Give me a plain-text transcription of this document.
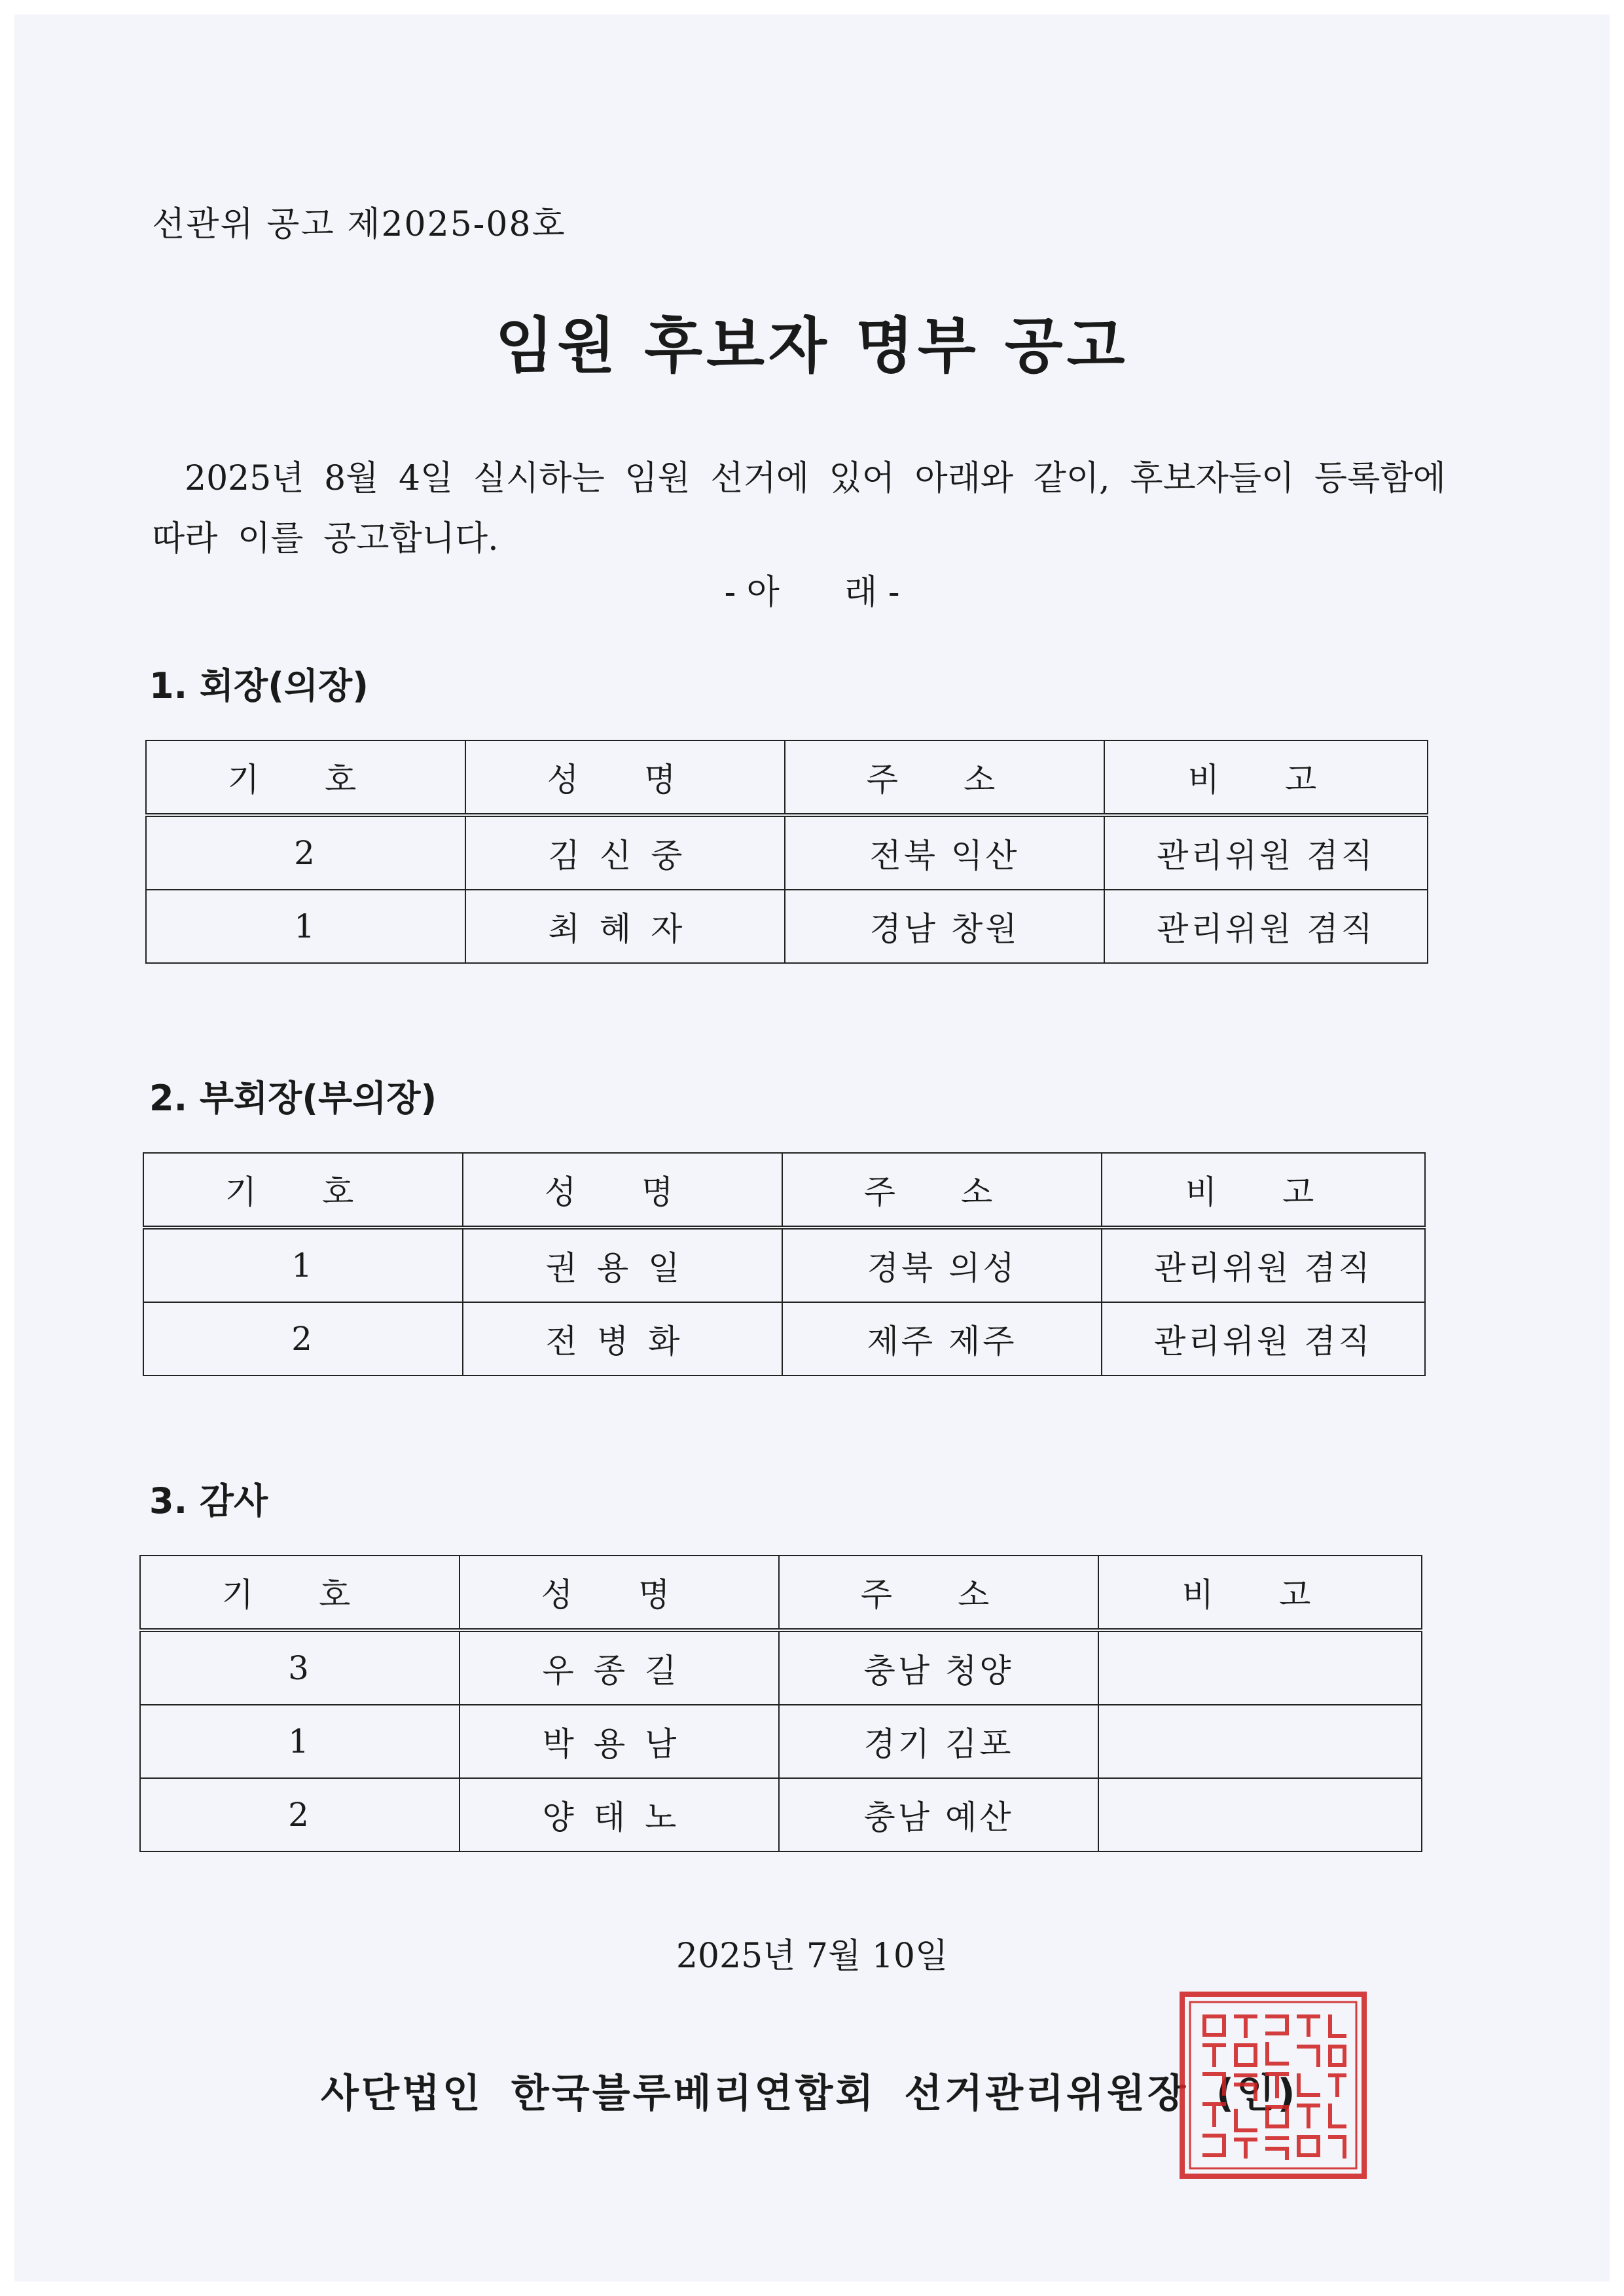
선관위 공고 제2025-08호
임원 후보자 명부 공고
2025년 8월 4일 실시하는 임원 선거에 있어 아래와 같이, 후보자들이 등록함에 따라 이를 공고합니다.
- 아      래 -
1. 회장(의장)
기 호	성 명	주 소	비 고
2	김신중	전북 익산	관리위원 겸직
1	최혜자	경남 창원	관리위원 겸직
2. 부회장(부의장)
기 호	성 명	주 소	비 고
1	권용일	경북 의성	관리위원 겸직
2	전병화	제주 제주	관리위원 겸직
3. 감사
기 호	성 명	주 소	비 고
3	우종길	충남 청양	
1	박용남	경기 김포	
2	양태노	충남 예산	
2025년 7월 10일
사단법인 한국블루베리연합회 선거관리위원장 (인)
